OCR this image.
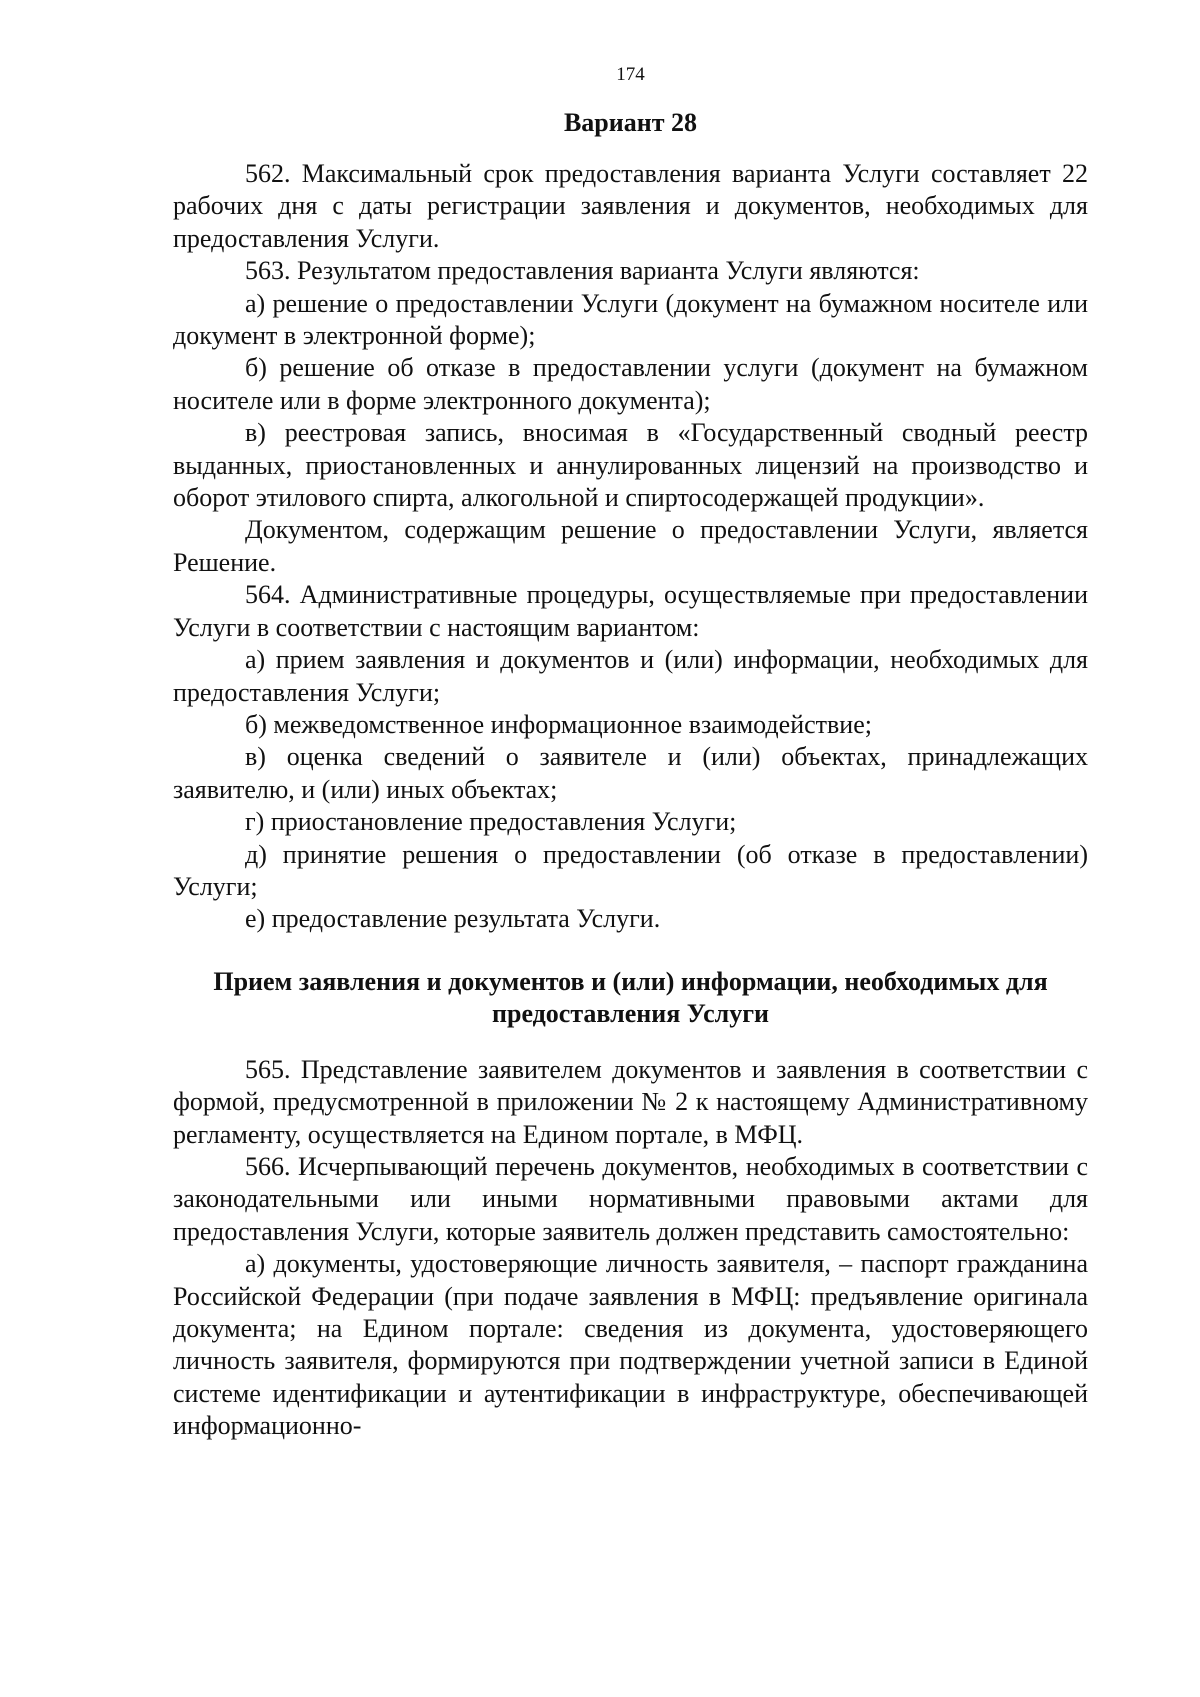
174
Вариант 28

562. Максимальный срок предоставления варианта Услуги составляет 22 рабочих дня с даты регистрации заявления и документов, необходимых для предоставления Услуги.

563. Результатом предоставления варианта Услуги являются:

а) решение о предоставлении Услуги (документ на бумажном носителе или документ в электронной форме);

б) решение об отказе в предоставлении услуги (документ на бумажном носителе или в форме электронного документа);

в) реестровая запись, вносимая в «Государственный сводный реестр выданных, приостановленных и аннулированных лицензий на производство и оборот этилового спирта, алкогольной и спиртосодержащей продукции».

Документом, содержащим решение о предоставлении Услуги, является Решение.

564. Административные процедуры, осуществляемые при предоставлении Услуги в соответствии с настоящим вариантом:

а) прием заявления и документов и (или) информации, необходимых для предоставления Услуги;

б) межведомственное информационное взаимодействие;

в) оценка сведений о заявителе и (или) объектах, принадлежащих заявителю, и (или) иных объектах;

г) приостановление предоставления Услуги;

д) принятие решения о предоставлении (об отказе в предоставлении) Услуги;

е) предоставление результата Услуги.

Прием заявления и документов и (или) информации, необходимых для предоставления Услуги

565. Представление заявителем документов и заявления в соответствии с формой, предусмотренной в приложении № 2 к настоящему Административному регламенту, осуществляется на Едином портале, в МФЦ.

566. Исчерпывающий перечень документов, необходимых в соответствии с законодательными или иными нормативными правовыми актами для предоставления Услуги, которые заявитель должен представить самостоятельно:

а) документы, удостоверяющие личность заявителя, – паспорт гражданина Российской Федерации (при подаче заявления в МФЦ: предъявление оригинала документа; на Едином портале: сведения из документа, удостоверяющего личность заявителя, формируются при подтверждении учетной записи в Единой системе идентификации и аутентификации в инфраструктуре, обеспечивающей информационно-
